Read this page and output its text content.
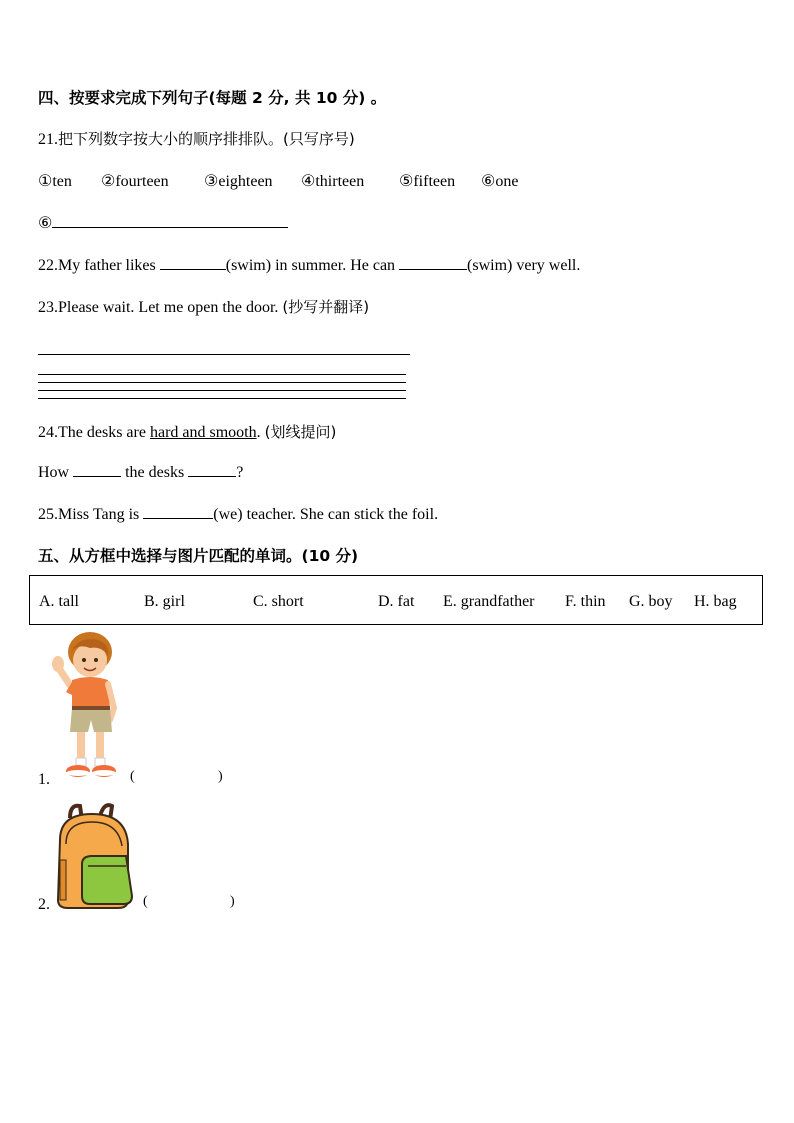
四、按要求完成下列句子(每题 2 分, 共 10 分) 。
21.把下列数字按大小的顺序排排队。(只写序号)
①ten ②fourteen ③eighteen ④thirteen ⑤fifteen ⑥one
⑥
22.My father likes	(swim) in summer. He can	(swim) very well.
23.Please wait. Let me open the door. (抄写并翻译)
24.The desks are hard and smooth. (划线提问)
How	the desks	?
25.Miss Tang is	(we) teacher. She can stick the foil.
五、从方框中选择与图片匹配的单词。(10 分)
A. tall	B. girl	C. short	D. fat E. grandfather F. thin G. boy H. bag
1.	(	)
2.	(	)
